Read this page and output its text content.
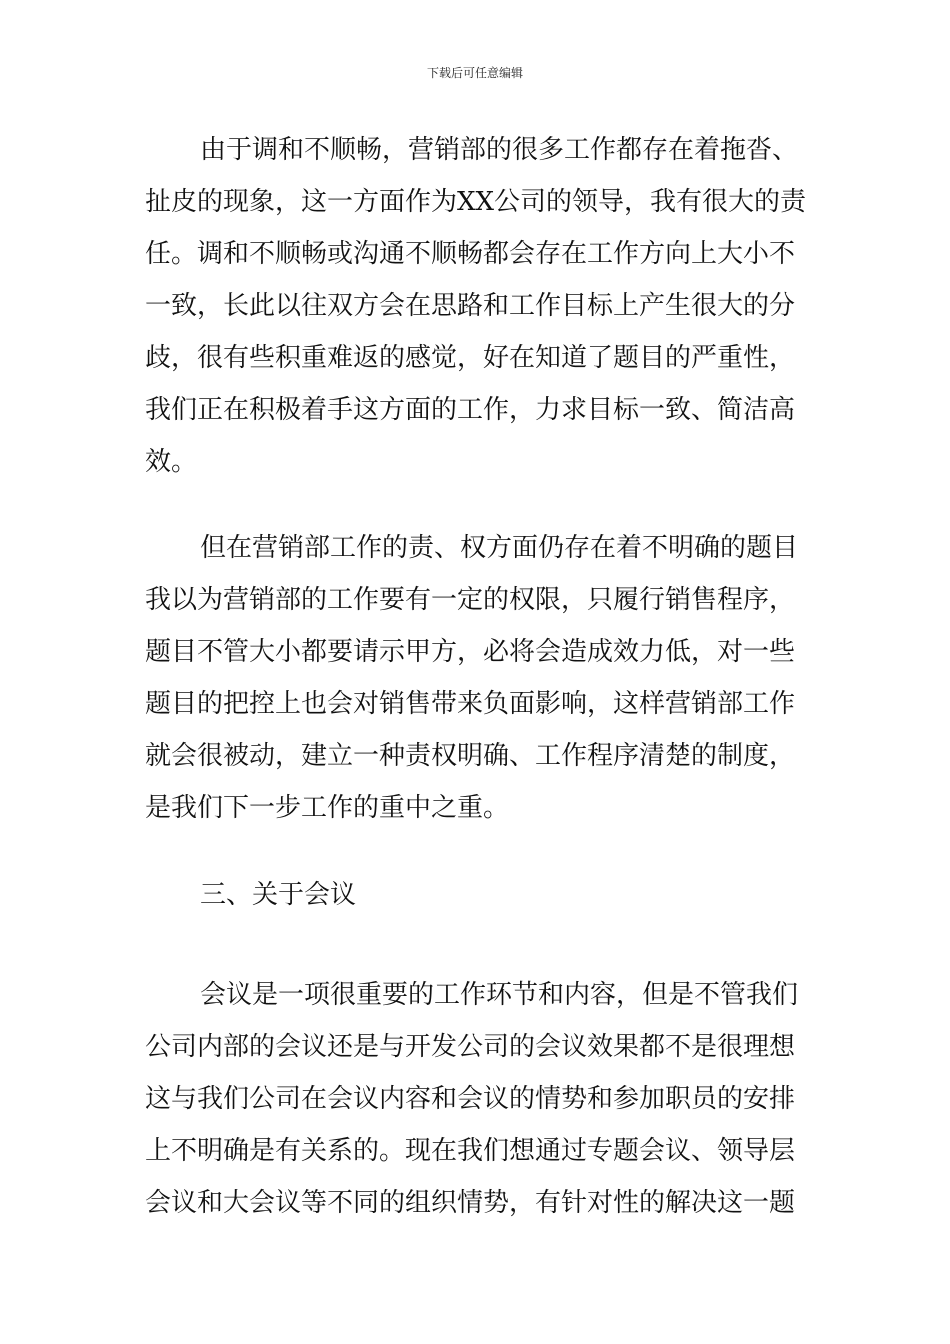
下载后可任意编辑
由于调和不顺畅，营销部的很多工作都存在着拖沓、
扯皮的现象，这一方面作为XX公司的领导，我有很大的责
任。调和不顺畅或沟通不顺畅都会存在工作方向上大小不
一致，长此以往双方会在思路和工作目标上产生很大的分
歧，很有些积重难返的感觉，好在知道了题目的严重性，
我们正在积极着手这方面的工作，力求目标一致、简洁高
效。
但在营销部工作的责、权方面仍存在着不明确的题目
我以为营销部的工作要有一定的权限，只履行销售程序，
题目不管大小都要请示甲方，必将会造成效力低，对一些
题目的把控上也会对销售带来负面影响，这样营销部工作
就会很被动，建立一种责权明确、工作程序清楚的制度，
是我们下一步工作的重中之重。
三、关于会议
会议是一项很重要的工作环节和内容，但是不管我们
公司内部的会议还是与开发公司的会议效果都不是很理想
这与我们公司在会议内容和会议的情势和参加职员的安排
上不明确是有关系的。现在我们想通过专题会议、领导层
会议和大会议等不同的组织情势，有针对性的解决这一题
